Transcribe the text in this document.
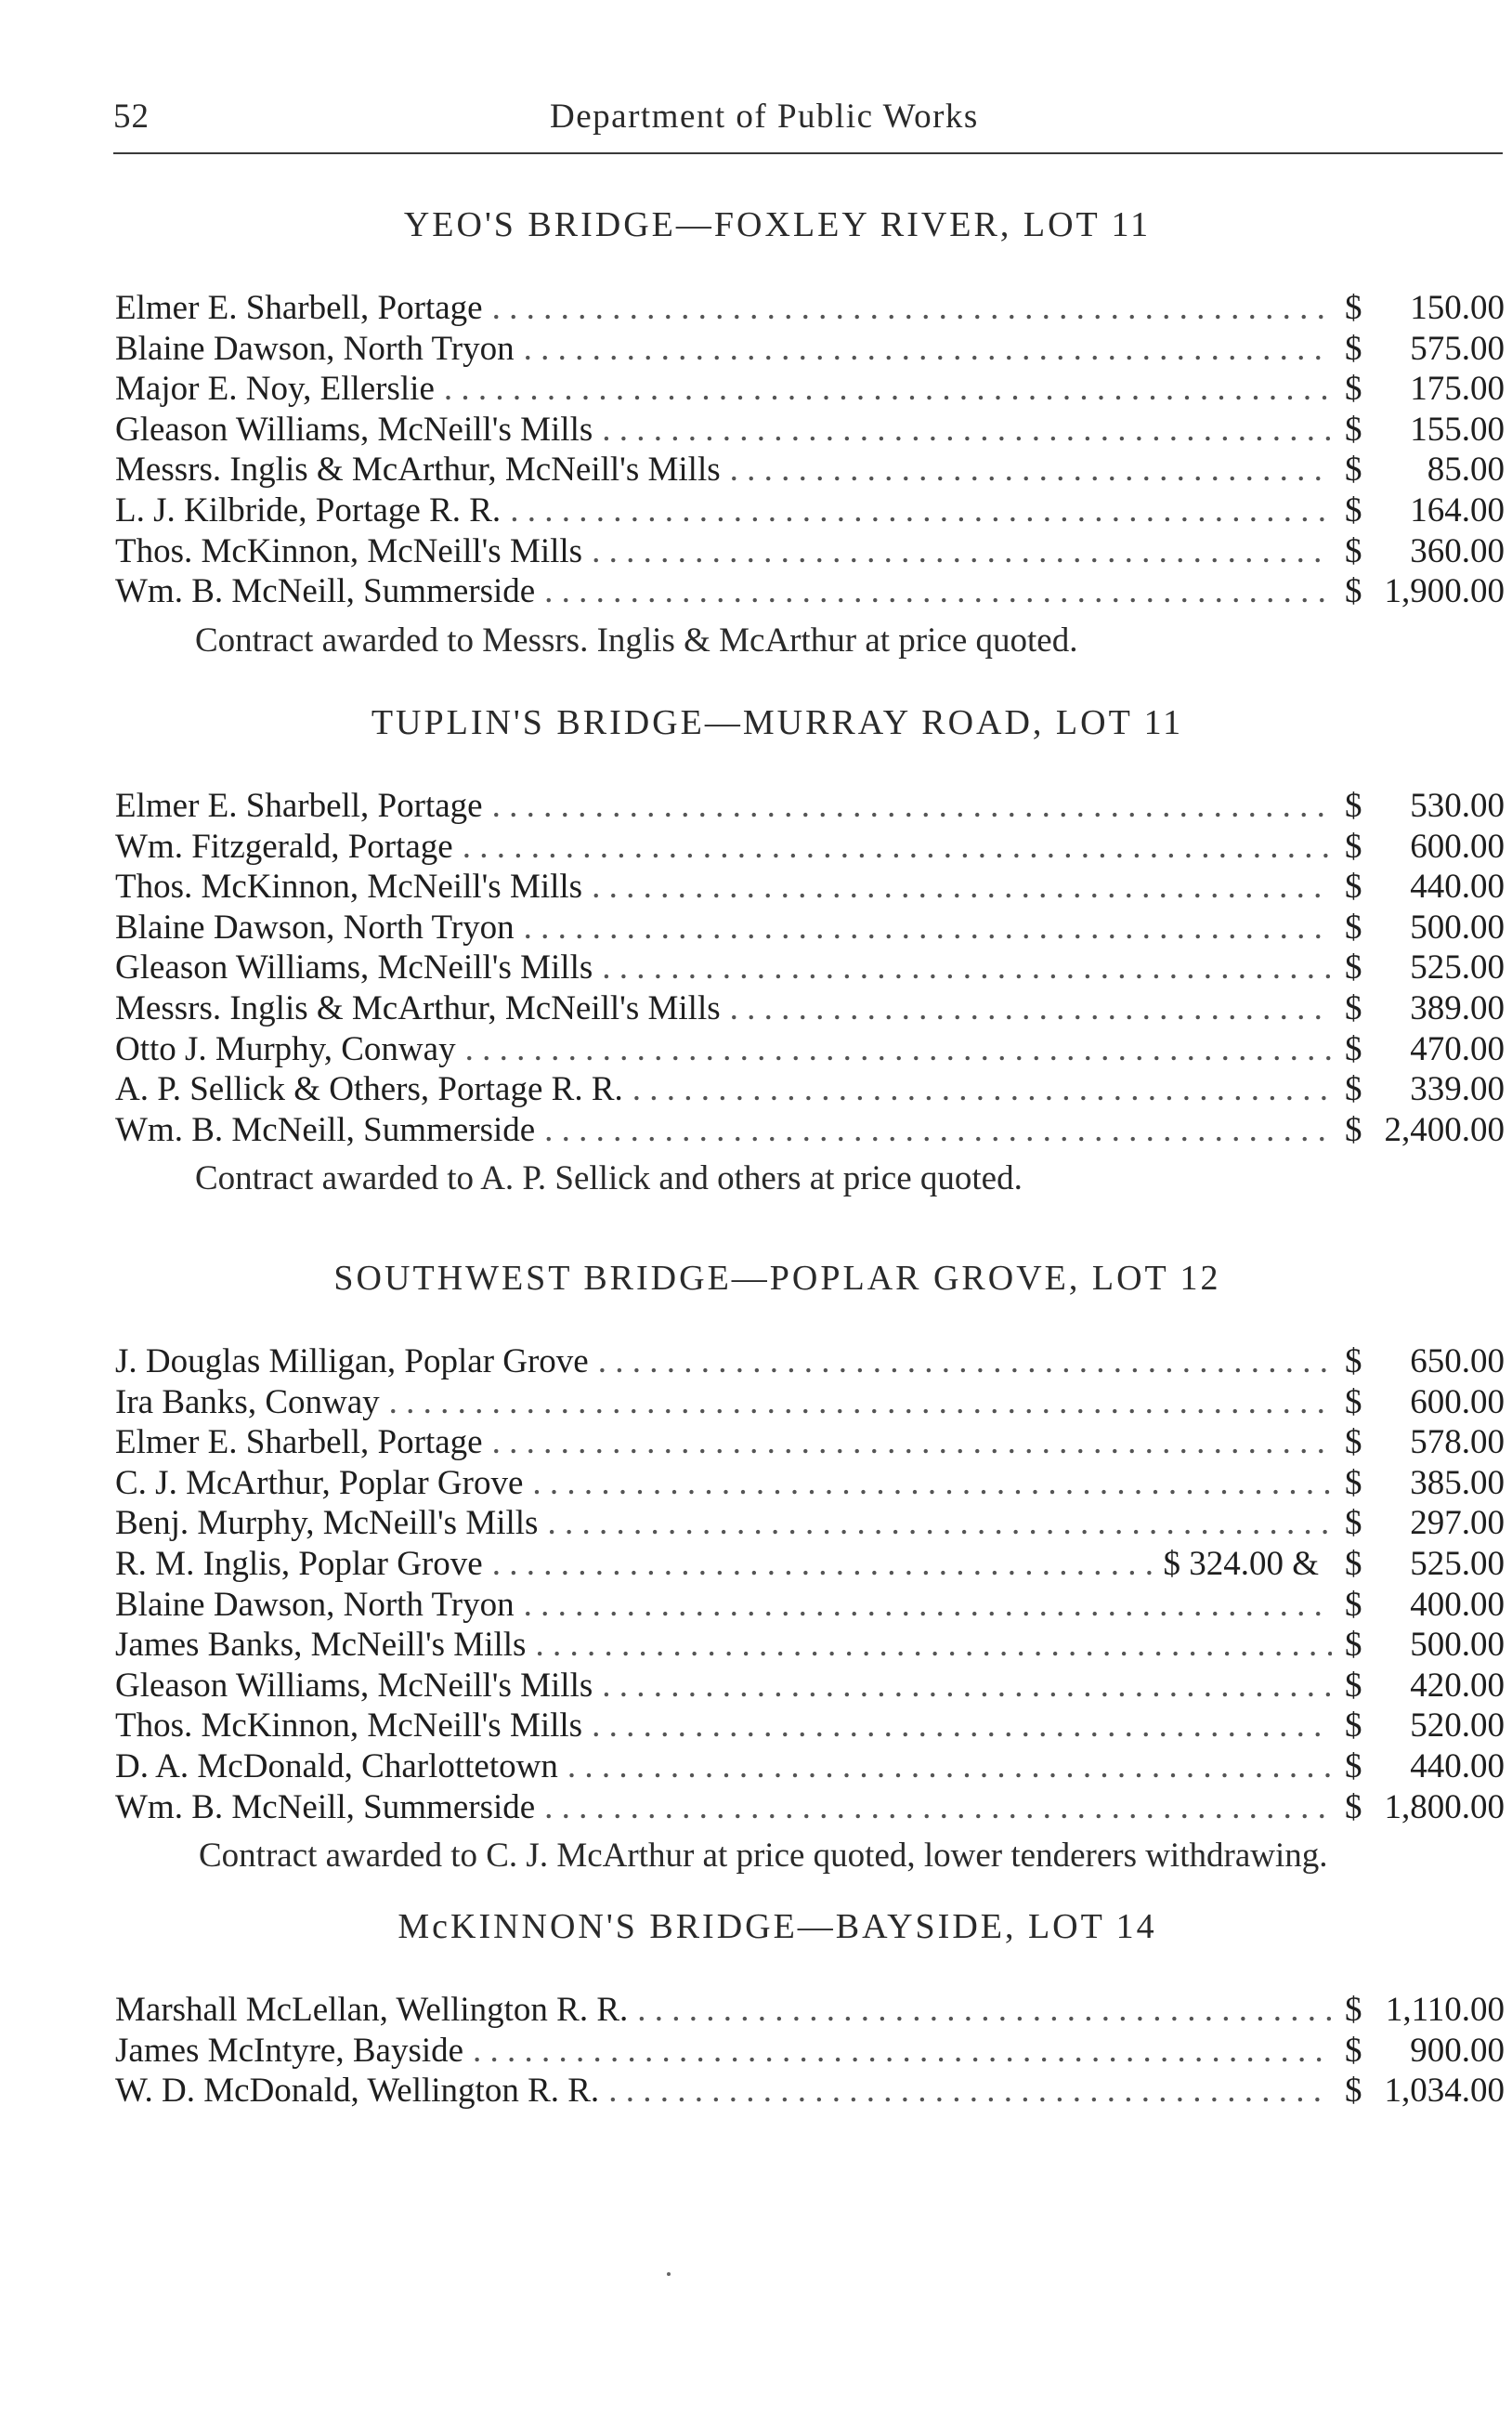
52	Department of Public Works
YEO'S BRIDGE—FOXLEY RIVER, LOT 11
Elmer E. Sharbell, Portage . . .	$ 150.00
Blaine Dawson, North Tryon . . .	$ 575.00
Major E. Noy, Ellerslie . . .	$ 175.00
Gleason Williams, McNeill's Mills . . .	$ 155.00
Messrs. Inglis & McArthur, McNeill's Mills . . .	$ 85.00
L. J. Kilbride, Portage R. R. . . .	$ 164.00
Thos. McKinnon, McNeill's Mills . . .	$ 360.00
Wm. B. McNeill, Summerside . . .	$ 1,900.00
Contract awarded to Messrs. Inglis & McArthur at price quoted.
TUPLIN'S BRIDGE—MURRAY ROAD, LOT 11
Elmer E. Sharbell, Portage . . .	$ 530.00
Wm. Fitzgerald, Portage . . .	$ 600.00
Thos. McKinnon, McNeill's Mills . . .	$ 440.00
Blaine Dawson, North Tryon . . .	$ 500.00
Gleason Williams, McNeill's Mills . . .	$ 525.00
Messrs. Inglis & McArthur, McNeill's Mills . . .	$ 389.00
Otto J. Murphy, Conway . . .	$ 470.00
A. P. Sellick & Others, Portage R. R. . . .	$ 339.00
Wm. B. McNeill, Summerside . . .	$ 2,400.00
Contract awarded to A. P. Sellick and others at price quoted.
SOUTHWEST BRIDGE—POPLAR GROVE, LOT 12
J. Douglas Milligan, Poplar Grove . . .	$ 650.00
Ira Banks, Conway . . .	$ 600.00
Elmer E. Sharbell, Portage . . .	$ 578.00
C. J. McArthur, Poplar Grove . . .	$ 385.00
Benj. Murphy, McNeill's Mills . . .	$ 297.00
R. M. Inglis, Poplar Grove . . .	$ 324.00 & $ 525.00
Blaine Dawson, North Tryon . . .	$ 400.00
James Banks, McNeill's Mills . . .	$ 500.00
Gleason Williams, McNeill's Mills . . .	$ 420.00
Thos. McKinnon, McNeill's Mills . . .	$ 520.00
D. A. McDonald, Charlottetown . . .	$ 440.00
Wm. B. McNeill, Summerside . . .	$ 1,800.00
Contract awarded to C. J. McArthur at price quoted, lower tenderers withdrawing.
McKINNON'S BRIDGE—BAYSIDE, LOT 14
Marshall McLellan, Wellington R. R. . . .	$ 1,110.00
James McIntyre, Bayside . . .	$ 900.00
W. D. McDonald, Wellington R. R. . . .	$ 1,034.00
